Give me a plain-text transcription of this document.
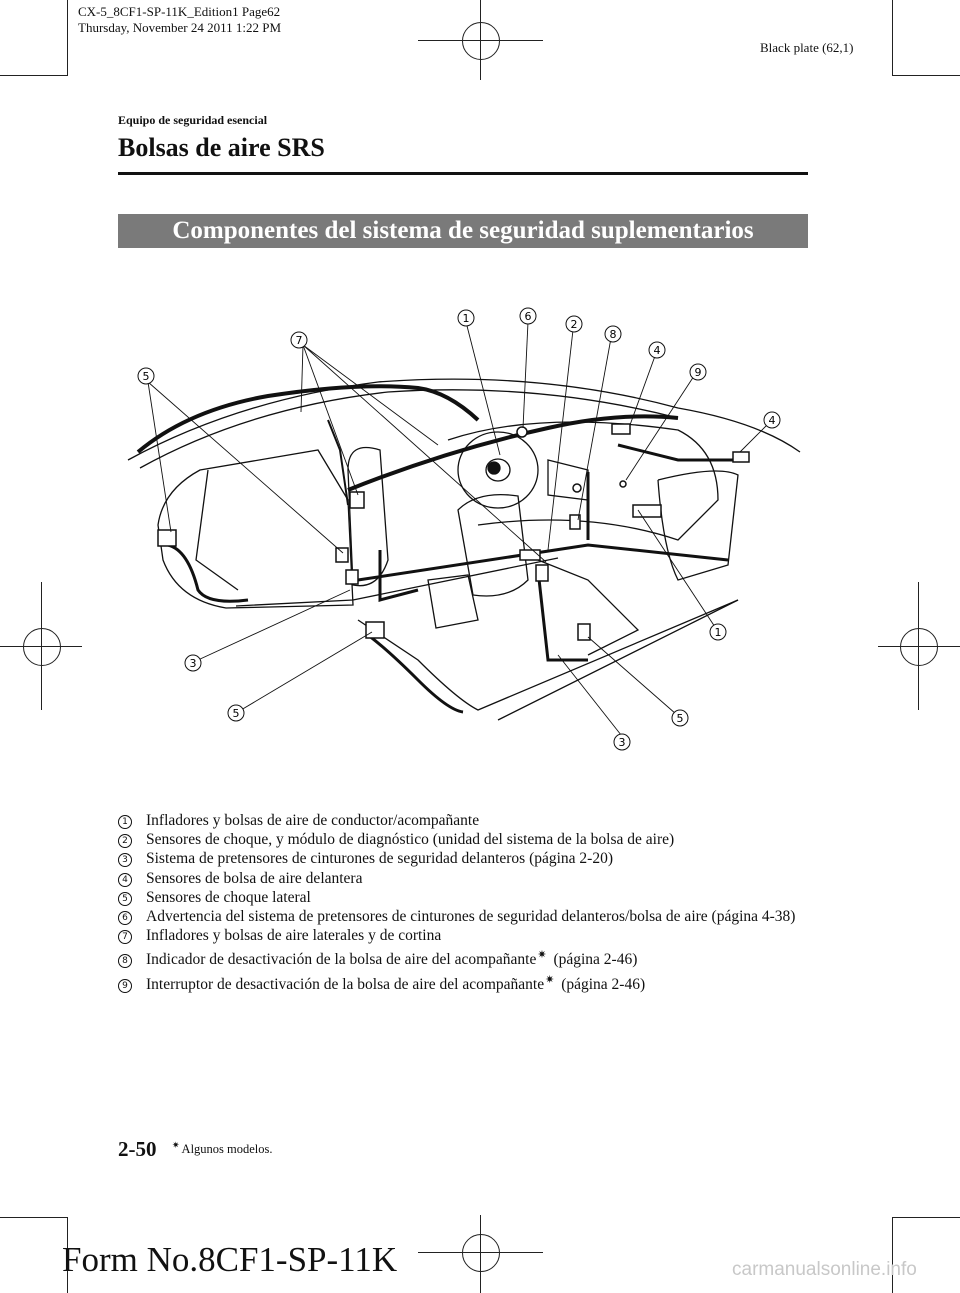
CX-5_8CF1-SP-11K_Edition1 Page62
Thursday, November 24 2011 1:22 PM
Black plate (62,1)
Equipo de seguridad esencial
Bolsas de aire SRS
Componentes del sistema de seguridad suplementarios
1	6
2
8
4
9
7
5
4
1
3
5	5
3

1 Infladores y bolsas de aire de conductor/acompañante

2 Sensores de choque, y módulo de diagnóstico (unidad del sistema de la bolsa de aire)

3 Sistema de pretensores de cinturones de seguridad delanteros (página 2-20)

4 Sensores de bolsa de aire delantera

5 Sensores de choque lateral

6 Advertencia del sistema de pretensores de cinturones de seguridad delanteros/bolsa de aire (página 4-38)

7 Infladores y bolsas de aire laterales y de cortina

8 Indicador de desactivación de la bolsa de aire del acompañante✷ (página 2-46)

9 Interruptor de desactivación de la bolsa de aire del acompañante✷ (página 2-46)

2-50 ✷ Algunos modelos.
Form No.8CF1-SP-11K	carmanualsonline.info
